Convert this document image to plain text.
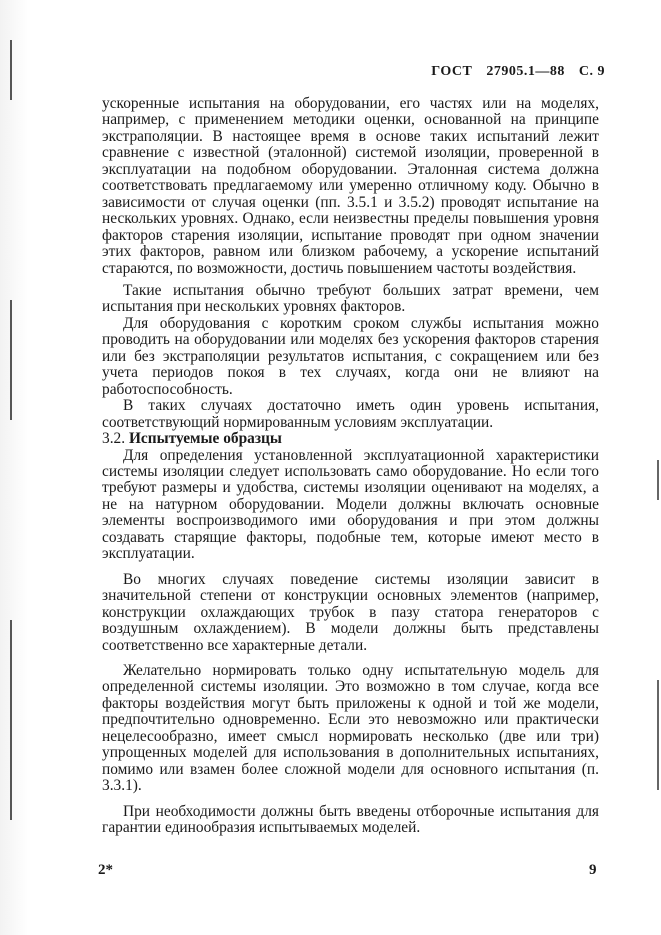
ГОСТ 27905.1—88 С. 9

ускоренные испытания на оборудовании, его частях или на моделях, например, с применением методики оценки, основанной на принципе экстраполяции. В настоящее время в основе таких испытаний лежит сравнение с известной (эталонной) системой изоляции, проверенной в эксплуатации на подобном оборудовании. Эталонная система должна соответствовать предлагаемому или умеренно отличному коду. Обычно в зависимости от случая оценки (пп. 3.5.1 и 3.5.2) проводят испытание на нескольких уровнях. Однако, если неизвестны пределы повышения уровня факторов старения изоляции, испытание проводят при одном значении этих факторов, равном или близком рабочему, а ускорение испытаний стараются, по возможности, достичь повышением частоты воздействия.

Такие испытания обычно требуют больших затрат времени, чем испытания при нескольких уровнях факторов.

Для оборудования с коротким сроком службы испытания можно проводить на оборудовании или моделях без ускорения факторов старения или без экстраполяции результатов испытания, с сокращением или без учета периодов покоя в тех случаях, когда они не влияют на работоспособность.

В таких случаях достаточно иметь один уровень испытания, соответствующий нормированным условиям эксплуатации.

3.2. Испытуемые образцы

Для определения установленной эксплуатационной характеристики системы изоляции следует использовать само оборудование. Но если того требуют размеры и удобства, системы изоляции оценивают на моделях, а не на натурном оборудовании. Модели должны включать основные элементы воспроизводимого ими оборудования и при этом должны создавать старящие факторы, подобные тем, которые имеют место в эксплуатации.

Во многих случаях поведение системы изоляции зависит в значительной степени от конструкции основных элементов (например, конструкции охлаждающих трубок в пазу статора генераторов с воздушным охлаждением). В модели должны быть представлены соответственно все характерные детали.

Желательно нормировать только одну испытательную модель для определенной системы изоляции. Это возможно в том случае, когда все факторы воздействия могут быть приложены к одной и той же модели, предпочтительно одновременно. Если это невозможно или практически нецелесообразно, имеет смысл нормировать несколько (две или три) упрощенных моделей для использования в дополнительных испытаниях, помимо или взамен более сложной модели для основного испытания (п. 3.3.1).

При необходимости должны быть введены отборочные испытания для гарантии единообразия испытываемых моделей.

2*	9
